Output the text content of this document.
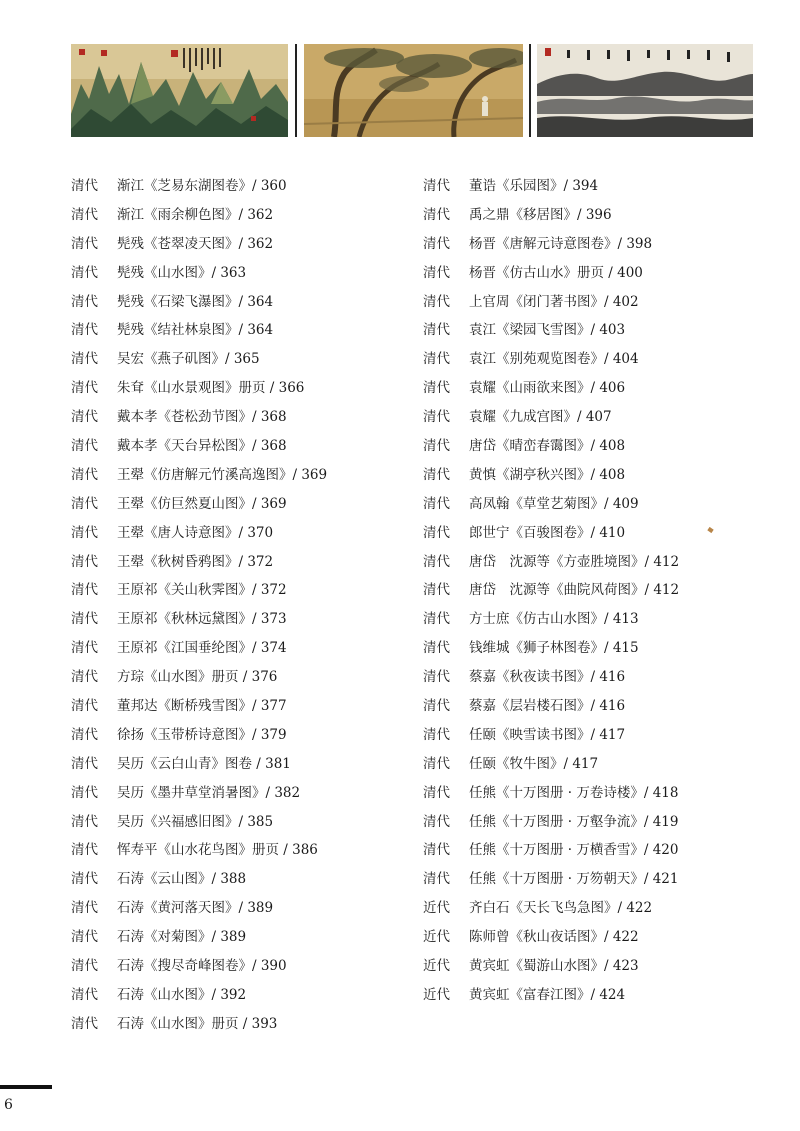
清代 渐江《芝易东湖图卷》/ 360
清代 渐江《雨余柳色图》/ 362
清代 髡残《苍翠凌天图》/ 362
清代 髡残《山水图》/ 363
清代 髡残《石梁飞瀑图》/ 364
清代 髡残《结社林泉图》/ 364
清代 吴宏《燕子矶图》/ 365
清代 朱耷《山水景观图》册页 / 366
清代 戴本孝《苍松劲节图》/ 368
清代 戴本孝《天台异松图》/ 368
清代 王翚《仿唐解元竹溪高逸图》/ 369
清代 王翚《仿巨然夏山图》/ 369
清代 王翚《唐人诗意图》/ 370
清代 王翚《秋树昏鸦图》/ 372
清代 王原祁《关山秋霁图》/ 372
清代 王原祁《秋林远黛图》/ 373
清代 王原祁《江国垂纶图》/ 374
清代 方琮《山水图》册页 / 376
清代 董邦达《断桥残雪图》/ 377
清代 徐扬《玉带桥诗意图》/ 379
清代 吴历《云白山青》图卷 / 381
清代 吴历《墨井草堂消暑图》/ 382
清代 吴历《兴福感旧图》/ 385
清代 恽寿平《山水花鸟图》册页 / 386
清代 石涛《云山图》/ 388
清代 石涛《黄河落天图》/ 389
清代 石涛《对菊图》/ 389
清代 石涛《搜尽奇峰图卷》/ 390
清代 石涛《山水图》/ 392
清代 石涛《山水图》册页 / 393
清代 董诰《乐园图》/ 394
清代 禹之鼎《移居图》/ 396
清代 杨晋《唐解元诗意图卷》/ 398
清代 杨晋《仿古山水》册页 / 400
清代 上官周《闭门著书图》/ 402
清代 袁江《梁园飞雪图》/ 403
清代 袁江《别苑观览图卷》/ 404
清代 袁耀《山雨欲来图》/ 406
清代 袁耀《九成宫图》/ 407
清代 唐岱《晴峦春霭图》/ 408
清代 黄慎《湖亭秋兴图》/ 408
清代 高凤翰《草堂艺菊图》/ 409
清代 郎世宁《百骏图卷》/ 410
清代 唐岱　沈源等《方壶胜境图》/ 412
清代 唐岱　沈源等《曲院风荷图》/ 412
清代 方士庶《仿古山水图》/ 413
清代 钱维城《狮子林图卷》/ 415
清代 蔡嘉《秋夜读书图》/ 416
清代 蔡嘉《层岩楼石图》/ 416
清代 任颐《映雪读书图》/ 417
清代 任颐《牧牛图》/ 417
清代 任熊《十万图册 · 万卷诗楼》/ 418
清代 任熊《十万图册 · 万壑争流》/ 419
清代 任熊《十万图册 · 万横香雪》/ 420
清代 任熊《十万图册 · 万笏朝天》/ 421
近代 齐白石《天长飞鸟急图》/ 422
近代 陈师曾《秋山夜话图》/ 422
近代 黄宾虹《蜀游山水图》/ 423
近代 黄宾虹《富春江图》/ 424
6
